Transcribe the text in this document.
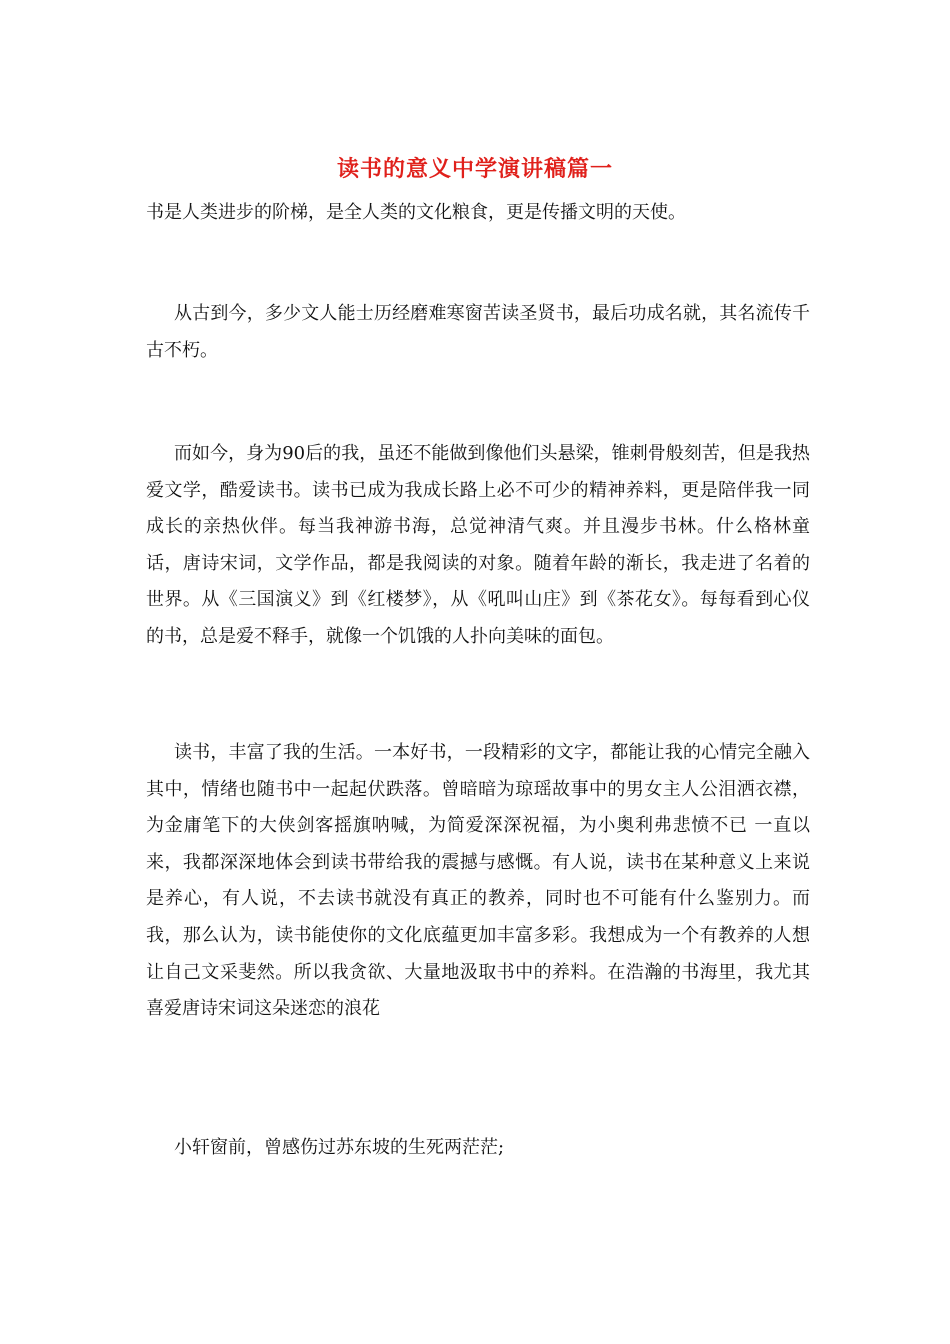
读书的意义中学演讲稿篇一

书是人类进步的阶梯，是全人类的文化粮食，更是传播文明的天使。

从古到今，多少文人能士历经磨难寒窗苦读圣贤书，最后功成名就，其名流传千古不朽。

而如今，身为90后的我，虽还不能做到像他们头悬梁，锥刺骨般刻苦，但是我热爱文学，酷爱读书。读书已成为我成长路上必不可少的精神养料，更是陪伴我一同成长的亲热伙伴。每当我神游书海，总觉神清气爽。并且漫步书林。什么格林童话，唐诗宋词，文学作品，都是我阅读的对象。随着年龄的渐长，我走进了名着的世界。从《三国演义》到《红楼梦》，从《吼叫山庄》到《茶花女》。每每看到心仪的书，总是爱不释手，就像一个饥饿的人扑向美味的面包。

读书，丰富了我的生活。一本好书，一段精彩的文字，都能让我的心情完全融入其中，情绪也随书中一起起伏跌落。曾暗暗为琼瑶故事中的男女主人公泪洒衣襟，为金庸笔下的大侠剑客摇旗呐喊，为简爱深深祝福，为小奥利弗悲愤不已 一直以来，我都深深地体会到读书带给我的震撼与感慨。有人说，读书在某种意义上来说是养心，有人说，不去读书就没有真正的教养，同时也不可能有什么鉴别力。而我，那么认为，读书能使你的文化底蕴更加丰富多彩。我想成为一个有教养的人想让自己文采斐然。所以我贪欲、大量地汲取书中的养料。在浩瀚的书海里，我尤其喜爱唐诗宋词这朵迷恋的浪花

小轩窗前，曾感伤过苏东坡的生死两茫茫;
